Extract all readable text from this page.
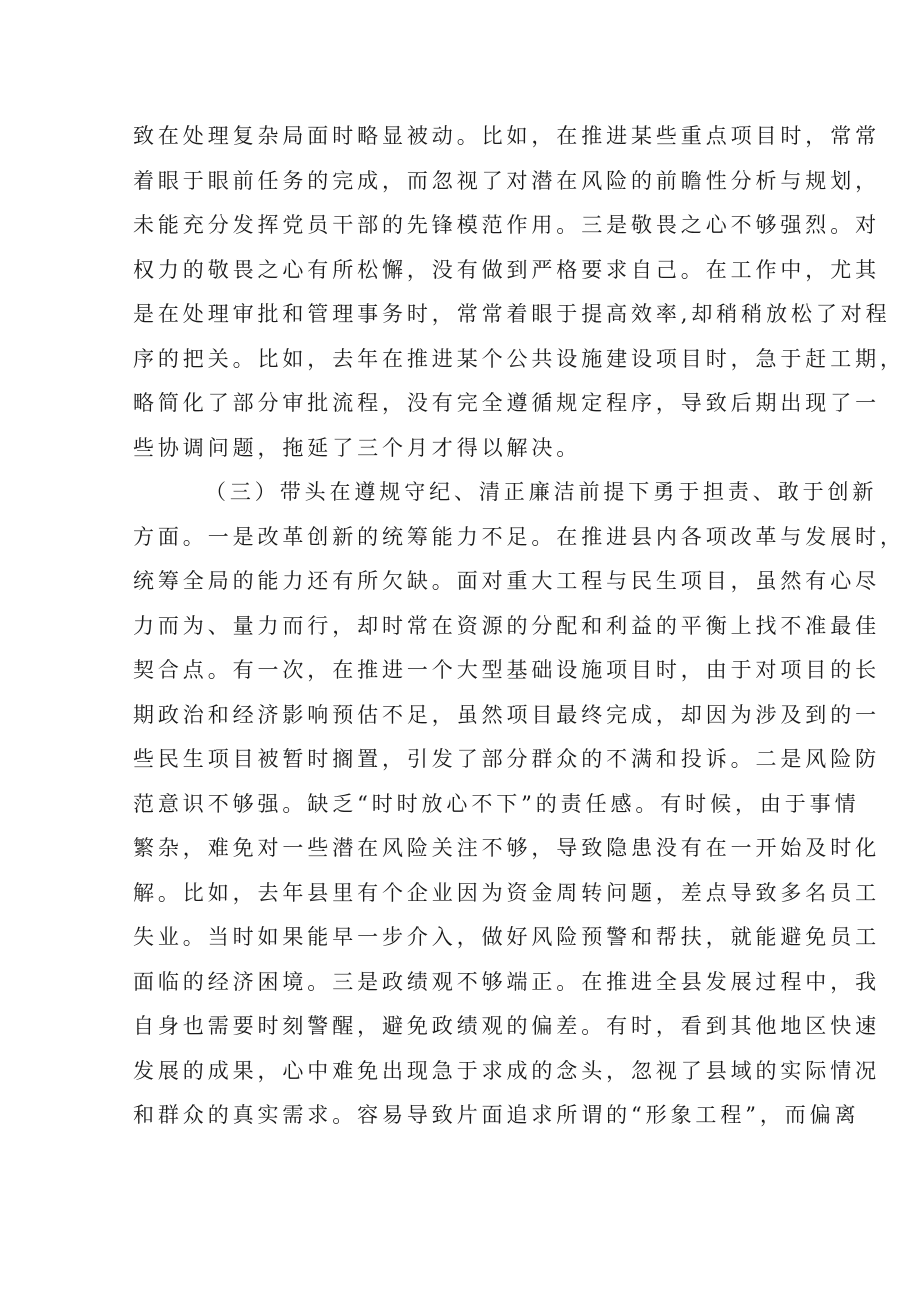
致在处理复杂局面时略显被动。比如，在推进某些重点项目时，常常
着眼于眼前任务的完成，而忽视了对潜在风险的前瞻性分析与规划，
未能充分发挥党员干部的先锋模范作用。三是敬畏之心不够强烈。对
权力的敬畏之心有所松懈，没有做到严格要求自己。在工作中，尤其
是在处理审批和管理事务时，常常着眼于提高效率,却稍稍放松了对程
序的把关。比如，去年在推进某个公共设施建设项目时，急于赶工期，
略简化了部分审批流程，没有完全遵循规定程序，导致后期出现了一
些协调问题，拖延了三个月才得以解决。
（三）带头在遵规守纪、清正廉洁前提下勇于担责、敢于创新
方面。一是改革创新的统筹能力不足。在推进县内各项改革与发展时，
统筹全局的能力还有所欠缺。面对重大工程与民生项目，虽然有心尽
力而为、量力而行，却时常在资源的分配和利益的平衡上找不准最佳
契合点。有一次，在推进一个大型基础设施项目时，由于对项目的长
期政治和经济影响预估不足，虽然项目最终完成，却因为涉及到的一
些民生项目被暂时搁置，引发了部分群众的不满和投诉。二是风险防
范意识不够强。缺乏“时时放心不下”的责任感。有时候，由于事情
繁杂，难免对一些潜在风险关注不够，导致隐患没有在一开始及时化
解。比如，去年县里有个企业因为资金周转问题，差点导致多名员工
失业。当时如果能早一步介入，做好风险预警和帮扶，就能避免员工
面临的经济困境。三是政绩观不够端正。在推进全县发展过程中，我
自身也需要时刻警醒，避免政绩观的偏差。有时，看到其他地区快速
发展的成果，心中难免出现急于求成的念头，忽视了县域的实际情况
和群众的真实需求。容易导致片面追求所谓的“形象工程”，而偏离
